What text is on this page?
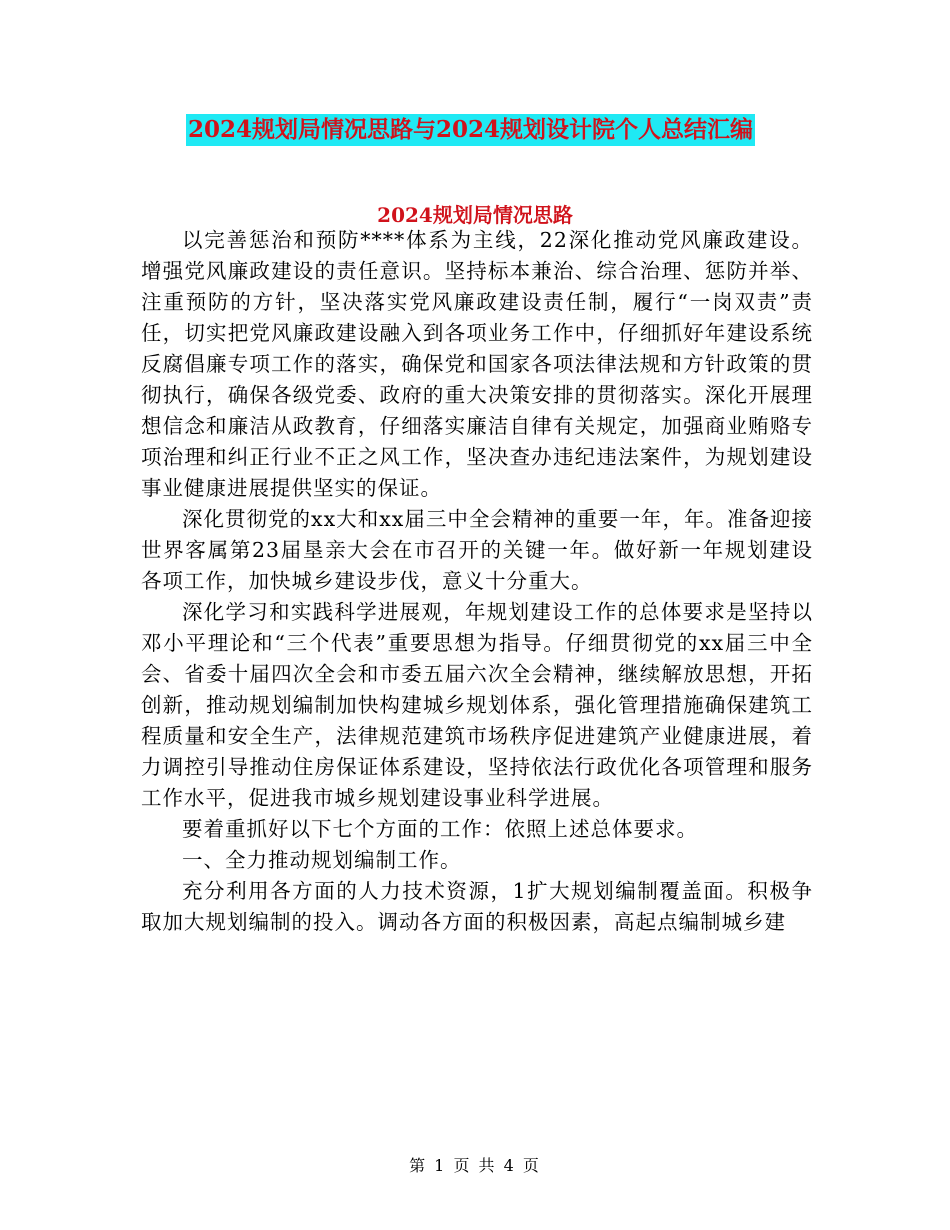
2024规划局情况思路与2024规划设计院个人总结汇编
2024规划局情况思路

以完善惩治和预防****体系为主线，22深化推动党风廉政建设。增强党风廉政建设的责任意识。坚持标本兼治、综合治理、惩防并举、注重预防的方针，坚决落实党风廉政建设责任制，履行“一岗双责”责任，切实把党风廉政建设融入到各项业务工作中，仔细抓好年建设系统反腐倡廉专项工作的落实，确保党和国家各项法律法规和方针政策的贯彻执行，确保各级党委、政府的重大决策安排的贯彻落实。深化开展理想信念和廉洁从政教育，仔细落实廉洁自律有关规定，加强商业贿赂专项治理和纠正行业不正之风工作，坚决查办违纪违法案件，为规划建设事业健康进展提供坚实的保证。

深化贯彻党的xx大和xx届三中全会精神的重要一年，年。准备迎接世界客属第23届垦亲大会在市召开的关键一年。做好新一年规划建设各项工作，加快城乡建设步伐，意义十分重大。

深化学习和实践科学进展观，年规划建设工作的总体要求是坚持以邓小平理论和“三个代表”重要思想为指导。仔细贯彻党的xx届三中全会、省委十届四次全会和市委五届六次全会精神，继续解放思想，开拓创新，推动规划编制加快构建城乡规划体系，强化管理措施确保建筑工程质量和安全生产，法律规范建筑市场秩序促进建筑产业健康进展，着力调控引导推动住房保证体系建设，坚持依法行政优化各项管理和服务工作水平，促进我市城乡规划建设事业科学进展。

要着重抓好以下七个方面的工作：依照上述总体要求。

一、全力推动规划编制工作。

充分利用各方面的人力技术资源，1扩大规划编制覆盖面。积极争取加大规划编制的投入。调动各方面的积极因素，高起点编制城乡建

第 1 页 共 4 页
